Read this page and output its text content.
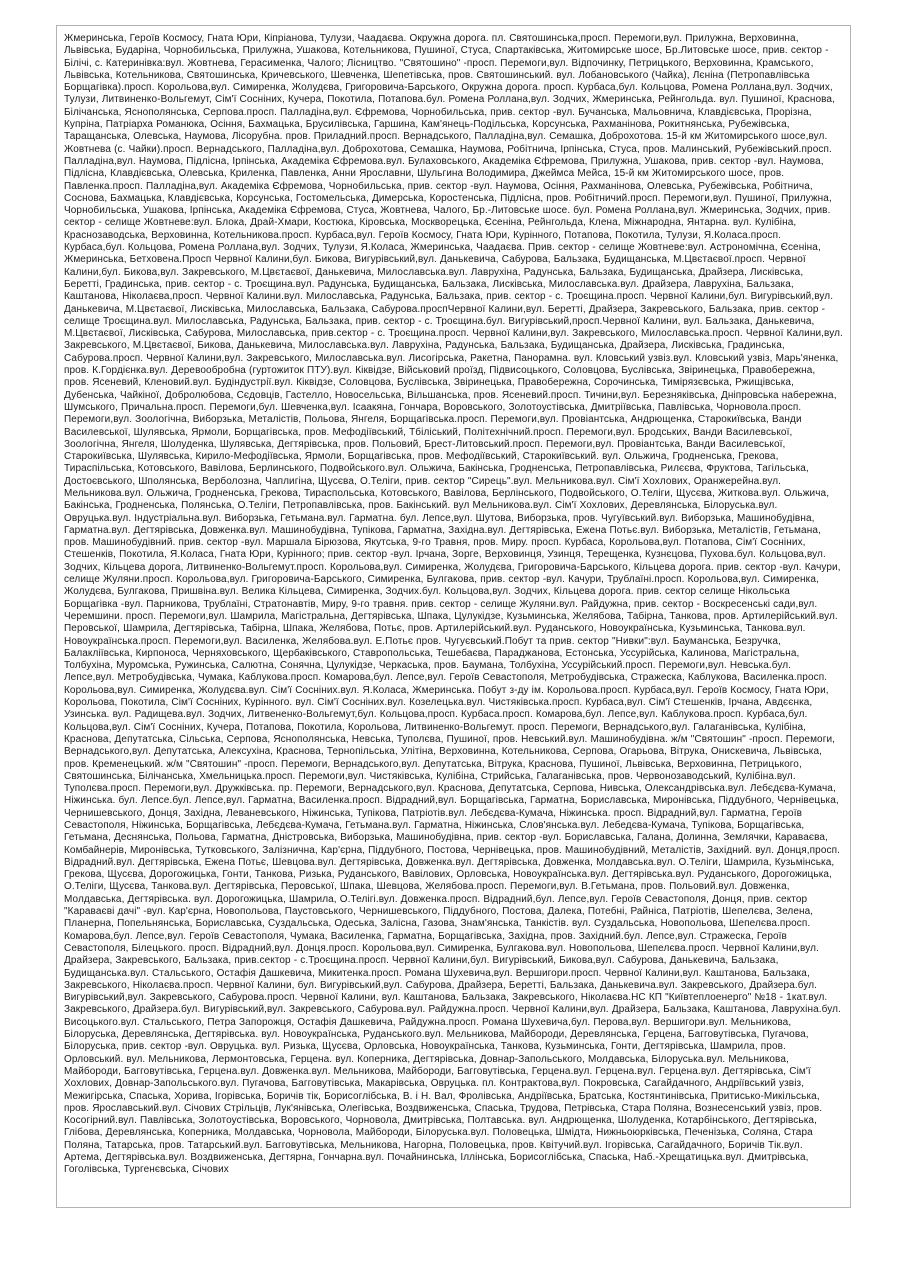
Жмеринська, Героїв Космосу, Гната Юри, Кіпріанова, Тулузи, Чаадаєва. Окружна дорога. пл. Святошинська,просп. Перемоги,вул. Прилужна, Верховинна, Львівська, Бударіна, Чорнобильська, Прилужна, Ушакова, Котельникова, Пушиної, Стуса, Спартаківська, Житомирське шосе, Бр.Литовське шосе, прив. сектор - Білічі, с. Катеринівка:вул. Жовтнева, Герасименка, Чалого; Лісництво. "Святошино" -просп. Перемоги,вул. Відпочинку, Петрицького, Верховинна, Крамського, Львівська, Котельникова, Святошинська, Кричевського, Шевченка, Шепетівська, пров. Святошинський. вул. Лобановського (Чайка), Лєніна (Петропавлівська Борщагівка).просп. Корольова,вул. Симиренка, Жолудєва, Григоровича-Барського, Окружна дорога. просп. Курбаса,бул. Кольцова, Ромена Роллана,вул. Зодчих, Тулузи, Литвиненко-Вольгемут, Сім'ї Сосніних, Кучера, Покотила, Потапова.бул. Ромена Роллана,вул. Зодчих, Жмеринська, Рейнгольда. вул. Пушиної, Краснова, Білічанська, Яснополянська, Серпова.просп. Палладіна,вул. Єфремова, Чорнобильська, прив. сектор -вул. Бучанська, Мальовнича, Клавдієвська, Прорізна, Купріна, Патріарха Романюка, Осіння, Бахмацька, Брусилівська, Гаршина, Кам'янець-Подільська, Корсунська, Рахманінова, Рокитнянська, Рубежівська, Таращанська, Олевська, Наумова, Лісорубна. пров. Приладний.просп. Вернадського, Палладіна,вул. Семашка, Доброхотова. 15-й км Житомирського шосе,вул. Жовтнева (с. Чайки).просп. Вернадського, Палладіна,вул. Доброхотова, Семашка, Наумова, Робітнича, Ірпінська, Стуса, пров. Малинський, Рубежівський.просп. Палладіна,вул. Наумова, Підлісна, Ірпінська, Академіка Єфремова.вул. Булаховського, Академіка Єфремова, Прилужна, Ушакова, прив. сектор -вул. Наумова, Підлісна, Клавдієвська, Олевська, Криленка, Павленка, Анни Ярославни, Шульгина Володимира, Джеймса Мейса, 15-й км Житомирського шосе, пров. Павленка.просп. Палладіна,вул. Академіка Єфремова, Чорнобильська, прив. сектор -вул. Наумова, Осіння, Рахманінова, Олевська, Рубежівська, Робітнича, Соснова, Бахмацька, Клавдієвська, Корсунська, Гостомельська, Димерська, Коростенська, Підлісна, пров. Робітничий.просп. Перемоги,вул. Пушиної, Прилужна, Чорнобильська, Ушакова, Ірпінська, Академіка Єфремова, Стуса, Жовтнева, Чалого, Бр.-Литовське шосе. бул. Ромена Роллана,вул. Жмеринська, Зодчих, прив. сектор - селище Жовтневе:вул. Блока, Драй-Хмари, Костюка, Кіровська, Москворецька, Єсеніна, Рейнгольда, Клена, Міжнародна, Янтарна. вул. Кулібіна, Краснозаводська, Верховинна, Котельникова.просп. Курбаса,вул. Героїв Космосу, Гната Юри, Курінного, Потапова, Покотила, Тулузи, Я.Коласа.просп. Курбаса,бул. Кольцова, Ромена Роллана,вул. Зодчих, Тулузи, Я.Коласа, Жмеринська, Чаадаєва. Прив. сектор - селище Жовтневе:вул. Астрономічна, Єсеніна, Жмеринська, Бетховена.Просп Червної Калини,бул. Бикова, Вигурівський,вул. Данькевича, Сабурова, Бальзака, Будищанська, М.Цвєтаєвої.просп. Червної Калини,бул. Бикова,вул. Закревського, М.Цвєтаєвої, Данькевича, Милославська.вул. Лаврухіна, Радунська, Бальзака, Будищанська, Драйзера, Лисківська, Беретті, Градинська, прив. сектор - с. Троєщина.вул. Радунська, Будищанська, Бальзака, Лисківська, Милославська.вул. Драйзера, Лаврухіна, Бальзака, Каштанова, Ніколаєва,просп. Червної Калини.вул. Милославська, Радунська, Бальзака, прив. сектор - с. Троєщина.просп. Червної Калини,бул. Вигурівський,вул. Данькевича, М.Цвєтаєвої, Лисківська, Милославська, Бальзака, Сабурова.проспЧервної Калини,вул. Беретті, Драйзера, Закревського, Бальзака, прив. сектор - селище Троєщина.вул. Милославська, Радунська, Бальзака, прив. сектор - с. Троєщина.бул. Вигурівський,просп.Червної Калини, вул. Бальзака, Данькевича, М.Цвєтаєвої, Лисківська, Сабурова, Милославська, прив.сектор - с. Троєщина.просп. Червної Калини,вул. Закревського, Милославська.просп. Червної Калини,вул. Закревського, М.Цвєтаєвої, Бикова, Данькевича, Милославська.вул. Лаврухіна, Радунська, Бальзака, Будищанська, Драйзера, Лисківська, Градинська, Сабурова.просп. Червної Калини,вул. Закревського, Милославська.вул. Лисогірська, Ракетна, Панорамна. вул. Кловський узвіз.вул. Кловський узвіз, Марь'яненка, пров. К.Гордієнка.вул. Деревообробна (гуртожиток ПТУ).вул. Кіквідзе, Військовий проїзд, Підвисоцького, Соловцова, Буслівська, Звіринецька, Правобережна, пров. Ясеневий, Кленовий.вул. Будіндустрії.вул. Кіквідзе, Соловцова, Буслівська, Звіринецька, Правобережна, Сорочинська, Тимірязєвська, Ржищівська, Дубенська, Чайкіної, Добролюбова, Сєдовців, Гастелло, Новосельська, Вільшанська, пров. Ясеневий.просп. Тичини,вул. Березняківська, Дніпровська набережна, Шумського, Причальна.просп. Перемоги,бул. Шевченка,вул. Ісаакяна, Гончара, Воровського, Золотоустівська, Дмитріївська, Павлівська, Чорновола.просп. Перемоги,вул. Зоологічна, Виборзька, Металістів, Польова, Янгеля, Борщагівська.просп. Перемоги,вул. Провіантська, Андрющенка, Старокиївська, Ванди Василевської, Шулявська, Ярмоли, Борщагівська, пров. Мефодіївський, Тбіліський, Політехнічний.просп. Перемоги,вул. Бродських, Ванди Василевської, Зоологічна, Янгеля, Шолуденка, Шулявська, Дегтярівська, пров. Польовий, Брест-Литовський.просп. Перемоги,вул. Провіантська, Ванди Василевської, Старокиївська, Шулявська, Кирило-Мефодіївська, Ярмоли, Борщагівська, пров. Мефодіївський, Старокиївський. вул. Ольжича, Гродненська, Грекова, Тираспільська, Котовського, Вавілова, Берлинського, Подвойського.вул. Ольжича, Бакінська, Гродненська, Петропавлівська, Рилєєва, Фруктова, Тагільська, Достоєвського, Шполянська, Верболозна, Чаплигіна, Щусєва, О.Теліги, прив. сектор "Сирець".вул. Мельникова.вул. Сім'ї Хохлових, Оранжерейна.вул. Мельникова.вул. Ольжича, Гродненська, Грекова, Тираспольська, Котовського, Вавілова, Берлінського, Подвойського, О.Теліги, Щусєва, Житкова.вул. Ольжича, Бакінська, Гродненська, Полянська, О.Теліги, Петропавлівська, пров. Бакінський. вул Мельникова.вул. Сім'ї Хохлових, Деревлянська, Білоруська.вул. Овруцька.вул. Індустріальна.вул. Виборзька, Гетьмана.вул. Гарматна. бул. Лепсе,вул. Шутова, Виборзька, пров. Чугуївський.вул. Виборзька, Машинобудівна, Гарматна.вул. Дегтярівська, Довженка.вул. Машинобудівна, Тупікова, Гарматна, Західна.вул. Дегтярівська, Ежена Потьє.вул. Виборзька, Металістів, Гетьмана, пров. Машинобудівний. прив. сектор -вул. Маршала Бірюзова, Якутська, 9-го Травня, пров. Миру. просп. Курбаса, Корольова,вул. Потапова, Сім'ї Сосніних, Стешенків, Покотила, Я.Коласа, Гната Юри, Курінного; прив. сектор -вул. Ірчана, Зорге, Верховинця, Узинця, Терещенка, Кузнєцова, Пухова.бул. Кольцова,вул. Зодчих, Кільцева дорога, Литвиненко-Вольгемут.просп. Корольова,вул. Симиренка, Жолудєва, Григоровича-Барського, Кільцева дорога. прив. сектор -вул. Качури, селище Жуляни.просп. Корольова,вул. Григоровича-Барського, Симиренка, Булгакова, прив. сектор -вул. Качури, Трублаїні.просп. Корольова,вул. Симиренка, Жолудєва, Булгакова, Пришвіна.вул. Велика Кільцева, Симиренка, Зодчих.бул. Кольцова,вул. Зодчих, Кільцева дорога. прив. сектор селище Нікольська Борщагівка -вул. Парникова, Трублаїні, Стратонавтів, Миру, 9-го травня. прив. сектор - селище Жуляни.вул. Райдужна, прив. сектор - Воскресенські сади,вул. Черемшини. просп. Перемоги,вул. Шамрила, Магістральна, Дегтярівська, Шпака, Цулукідзе, Кузьминська, Желябова, Табірна, Танкова, пров. Артилерійський.вул. Перовської, Шамрила, Дегтярівська, Табірна, Шпака, Желябова, Потьє, пров. Артилерійський.вул. Руданського, Новоукраїнська, Кузьминська, Танкова.вул. Новоукраїнська.просп. Перемоги,вул. Василенка, Желябова.вул. Е.Потьє пров. Чугуєвський.Побут та прив. сектор "Нивки":вул. Бауманська, Безручка, Балакліївська, Кирпоноса, Черняховського, Щербаківського, Ставропольська, Тешебаєва, Параджанова, Естонська, Уссурійська, Калинова, Магістральна, Толбухіна, Муромська, Ружинська, Салютна, Сонячна, Цулукідзе, Черкаська, пров. Баумана, Толбухіна, Уссурійський.просп. Перемоги,вул. Невська.бул. Лепсе,вул. Метробудівська, Чумака, Каблукова.просп. Комарова,бул. Лепсе,вул. Героїв Севастополя, Метробудівська, Стражеска, Каблукова, Василенка.просп. Корольова,вул. Симиренка, Жолудєва.вул. Сім'ї Сосніних.вул. Я.Коласа, Жмеринська. Побут з-ду ім. Корольова.просп. Курбаса,вул. Героїв Космосу, Гната Юри, Корольова, Покотила, Сім'ї Сосніних, Курінного. вул. Сім'ї Сосніних.вул. Козелецька.вул. Чистяківська.просп. Курбаса,вул. Сім'ї Стешенків, Ірчана, Авдєєнка, Узинська. вул. Радищева.вул. Зодчих, Литвененко-Вольгемут,бул. Кольцова,просп. Курбаса.просп. Комарова,бул. Лепсе,вул. Каблукова.просп. Курбаса,бул. Кольцова,вул. Сім'ї Сосніних, Кучера, Потапова, Покотила, Корольова, Литвиненко-Вольгемут. просп. Перемоги, Вернадського,вул. Галаганівська, Кулібіна, Краснова, Депутатська, Сільська, Серпова, Яснополянська, Невська, Туполєва, Пушиної, пров. Невський.вул. Машинобудівна. ж/м "Святошин" -просп. Перемоги, Вернадського,вул. Депутатська, Алексухіна, Краснова, Тернопільська, Улітіна, Верховинна, Котельникова, Серпова, Огарьова, Вітрука, Онискевича, Львівська, пров. Кременецький. ж/м "Святошин" -просп. Перемоги, Вернадського,вул. Депутатська, Вітрука, Краснова, Пушиної, Львівська, Верховинна, Петрицького, Святошинська, Білічанська, Хмельницька.просп. Перемоги,вул. Чистяківська, Кулібіна, Стрийська, Галаганівська, пров. Червонозаводський, Кулібіна.вул. Туполєва.просп. Перемоги,вул. Дружківська. пр. Перемоги, Вернадського,вул. Краснова, Депутатська, Серпова, Нивська, Олександрівська.вул. Лебєдєва-Кумача, Ніжинська. бул. Лепсе.бул. Лепсе,вул. Гарматна, Василенка.просп. Відрадний,вул. Борщагівська, Гарматна, Бориславська, Миронівська, Піддубного, Чернівецька, Чернишевського, Донця, Західна, Леваневського, Ніжинська, Тупікова, Патріотів.вул. Лебєдєва-Кумача, Ніжинська. просп. Відрадний,вул. Гарматна, Героїв Севастополя, Ніжинська, Борщагівська, Лебєдєва-Кумача, Гетьмана.вул. Гарматна, Ніжинська, Слов'янська.вул. Лебедєва-Кумача, Тупікова, Борщагівська, Гетьмана, Деснянська, Польова, Гарматна, Дністровська, Виборзька, Машинобудівна, прив. сектор -вул. Бориславська, Галана, Долинна, Землячки, Караваєва, Комбайнерів, Миронівська, Тутковського, Залізнична, Кар'єрна, Піддубного, Постова, Чернівецька, пров. Машинобудівний, Металістів, Західний. вул. Донця,просп. Відрадний.вул. Дегтярівська, Ежена Потьє, Шевцова.вул. Дегтярівська, Довженка.вул. Дегтярівська, Довженка, Молдавська.вул. О.Теліги, Шамрила, Кузьмінська, Грекова, Щусєва, Дорогожицька, Гонти, Танкова, Ризька, Руданського, Вавілових, Орловська, Новоукраїнська.вул. Дегтярівська.вул. Руданського, Дорогожицька, О.Теліги, Щусєва, Танкова.вул. Дегтярівська, Перовської, Шпака, Шевцова, Желябова.просп. Перемоги,вул. В.Гетьмана, пров. Польовий.вул. Довженка, Молдавська, Дегтярівська. вул. Дорогожицька, Шамрила, О.Телігі.вул. Довженка.просп. Відрадний,бул. Лепсе,вул. Героїв Севастополя, Донця, прив. сектор "Караваєві дачі" -вул. Кар'єрна, Новопольова, Паустовського, Чернишевського, Піддубного, Постова, Далека, Потебні, Райніса, Патріотів, Шепелєва, Зелена, Планерна, Попельнянська, Бориславська, Суздальська, Одеська, Залісна, Газова, Знам'янська, Танкістів. вул. Суздальська, Новопольова, Шепелєва.просп. Комарова,бул. Лепсе,вул. Героїв Севастополя, Чумака, Василенка, Гарматна, Борщагівська, Західна, пров. Західний.бул. Лепсе,вул. Стражеска, Героїв Севастополя, Білецького. просп. Відрадний,вул. Донця.просп. Корольова,вул. Симиренка, Булгакова.вул. Новопольова, Шепелєва.просп. Червної Калини,вул. Драйзера, Закревського, Бальзака, прив.сектор - с.Троєщина.просп. Червної Калини,бул. Вигурівський, Бикова,вул. Сабурова, Данькевича, Бальзака, Будищанська.вул. Стальського, Остафія Дашкевича, Микитенка.просп. Романа Шухевича,вул. Вершигори.просп. Червної Калини,вул. Каштанова, Бальзака, Закревського, Ніколаєва.просп. Червної Калини, бул. Вигурівський,вул. Сабурова, Драйзера, Беретті, Бальзака, Данькевича.вул. Закревського, Драйзера.бул. Вигурівський,вул. Закревського, Сабурова.просп. Червної Калини, вул. Каштанова, Бальзака, Закревського, Ніколаєва.НС КП "Київтеплоенерго" №18 - 1кат.вул. Закревського, Драйзера.бул. Вигурівський,вул. Закревського, Сабурова.вул. Райдужна.просп. Червної Калини,вул. Драйзера, Бальзака, Каштанова, Лаврухіна.бул. Висоцького.вул. Стальського, Петра Запорожця, Остафія Дашкевича, Райдужна.просп. Романа Шухевича,бул. Перова,вул. Вершигори.вул. Мельникова, Білоруська, Деревлянська, Дегтярівська. вул. Новоукраїнська, Руданського.вул. Мельникова, Майбороди, Деревлянська, Герцена, Багговутівська, Пугачова, Білоруська, прив. сектор -вул. Овруцька. вул. Ризька, Щусєва, Орловська, Новоукраїнська, Танкова, Кузьминська, Гонти, Дегтярівська, Шамрила, пров. Орловський. вул. Мельникова, Лермонтовська, Герцена. вул. Коперника, Дегтярівська, Довнар-Запольського, Молдавська, Білоруська.вул. Мельникова, Майбороди, Багговутівська, Герцена.вул. Довженка.вул. Мельникова, Майбороди, Багговутівська, Герцена.вул. Герцена.вул. Герцена.вул. Дегтярівська, Сім'ї Хохлових, Довнар-Запольського.вул. Пугачова, Багговутівська, Макарівська, Овруцька. пл. Контрактова,вул. Покровська, Сагайдачного, Андріївський узвіз, Межигірська, Спаська, Хорива, Ігорівська, Боричів тік, Борисоглібська, В. і Н. Вал, Фролівська, Андріївська, Братська, Костянтинівська, Притисько-Микільська, пров. Ярославський.вул. Січових Стрільців, Лук'янівська, Олегівська, Воздвиженська, Спаська, Трудова, Петрівська, Стара Поляна, Вознесенський узвіз, пров. Косогірний.вул. Павлівська, Золотоустівська, Воровського, Чорновола, Дмитрівська, Полтавська. вул. Андрющенка, Шолуденка, Котарбінського, Дегтярівська, Глібова, Деревлянська, Коперника, Молдавська, Чорновола, Майбороди, Білоруська.вул. Половецька, Шмідта, Нижньоюрківська, Печенізька, Соляна, Стара Поляна, Татарська, пров. Татарський.вул. Багговутівська, Мельникова, Нагорна, Половецька, пров. Квітучий.вул. Ігорівська, Сагайдачного, Боричів Тік.вул. Артема, Дегтярівська.вул. Воздвиженська, Дегтярна, Гончарна.вул. Почайнинська, Іллінська, Борисоглібська, Спаська, Наб.-Хрещатицька.вул. Дмитрівська, Гоголівська, Тургенєвська, Січових
